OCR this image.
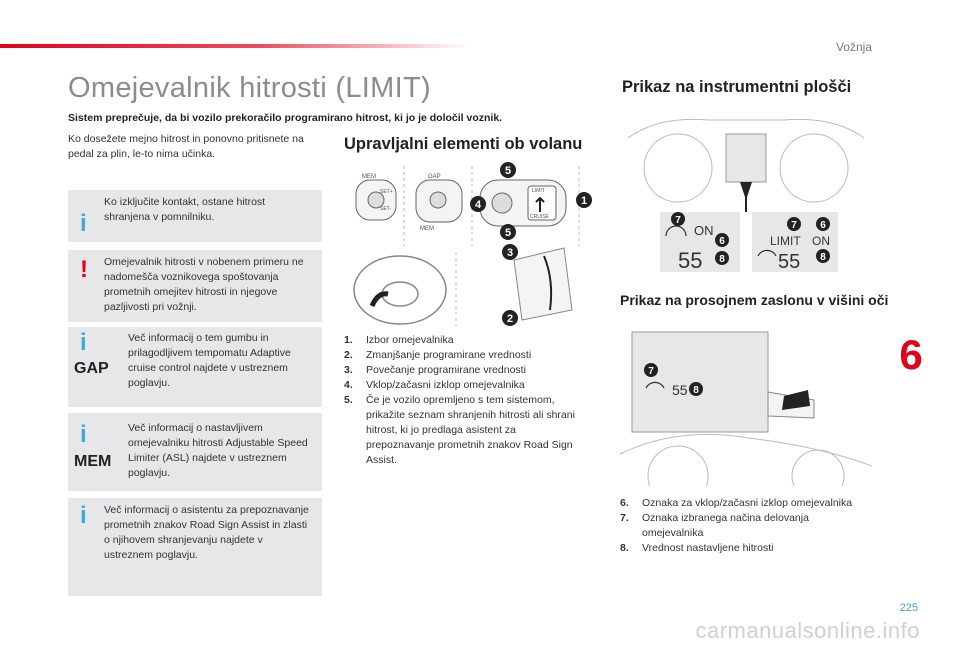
Vožnja
Omejevalnik hitrosti (LIMIT)
Sistem preprečuje, da bi vozilo prekoračilo programirano hitrost, ki jo je določil voznik.
Ko dosežete mejno hitrost in ponovno pritisnete na pedal za plin, le-to nima učinka.
i
Ko izključite kontakt, ostane hitrost shranjena v pomnilniku.
! Omejevalnik hitrosti v nobenem primeru ne nadomešča voznikovega spoštovanja prometnih omejitev hitrosti in njegove pazljivosti pri vožnji.
i
GAP
Več informacij o tem gumbu in prilagodljivem tempomatu Adaptive cruise control najdete v ustreznem poglavju.
i
MEM
Več informacij o nastavljivem omejevalniku hitrosti Adjustable Speed Limiter (ASL) najdete v ustreznem poglavju.
i Več informacij o asistentu za prepoznavanje prometnih znakov Road Sign Assist in zlasti o njihovem shranjevanju najdete v ustreznem poglavju.
Upravljalni elementi ob volanu
MEM
SET+
SET-
GAP
MEM
LIMIT
CRUISE
1
2
3
4
5
5
1.	Izbor omejevalnika
2.	Zmanjšanje programirane vrednosti
3.	Povečanje programirane vrednosti
4.	Vklop/začasni izklop omejevalnika
5.	Če je vozilo opremljeno s tem sistemom, prikažite seznam shranjenih hitrosti ali shrani hitrost, ki jo predlaga asistent za prepoznavanje prometnih znakov Road Sign Assist.
Prikaz na instrumentni plošči
ON
55
LIMIT ON
55
7
6
8
7 6
8
Prikaz na prosojnem zaslonu v višini oči
55
7
8
6.	Oznaka za vklop/začasni izklop omejevalnika
7.	Oznaka izbranega načina delovanja omejevalnika
8.	Vrednost nastavljene hitrosti
6
225
carmanualsonline.info
